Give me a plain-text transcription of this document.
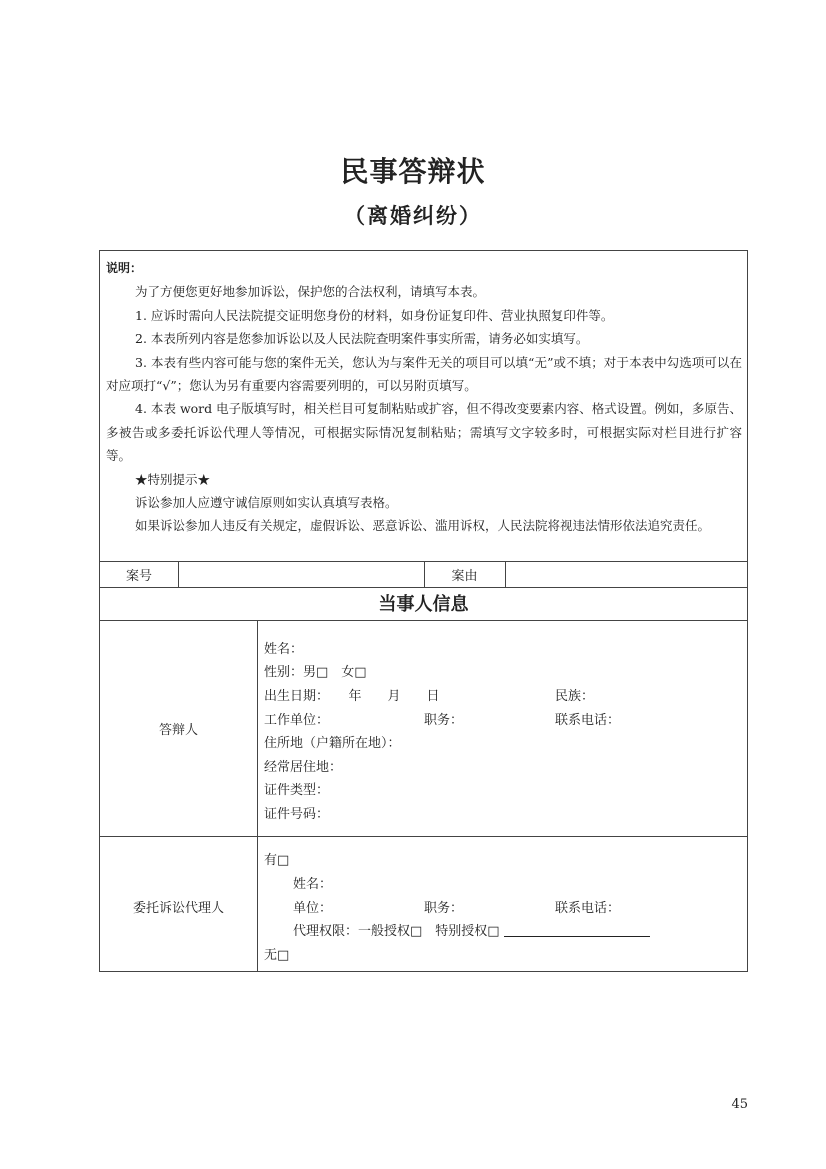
民事答辩状
（离婚纠纷）
说明：
为了方便您更好地参加诉讼，保护您的合法权利，请填写本表。
1. 应诉时需向人民法院提交证明您身份的材料，如身份证复印件、营业执照复印件等。
2. 本表所列内容是您参加诉讼以及人民法院查明案件事实所需，请务必如实填写。
3. 本表有些内容可能与您的案件无关，您认为与案件无关的项目可以填“无”或不填；对于本表中勾选项可以在对应项打“√”；您认为另有重要内容需要列明的，可以另附页填写。
4. 本表 word 电子版填写时，相关栏目可复制粘贴或扩容，但不得改变要素内容、格式设置。例如，多原告、多被告或多委托诉讼代理人等情况，可根据实际情况复制粘贴；需填写文字较多时，可根据实际对栏目进行扩容等。
★特别提示★
诉讼参加人应遵守诚信原则如实认真填写表格。
如果诉讼参加人违反有关规定，虚假诉讼、恶意诉讼、滥用诉权，人民法院将视违法情形依法追究责任。
案号	案由
当事人信息
答辩人
姓名：
性别：男□　女□
出生日期：　　年　　月　　日	民族：
工作单位：	职务：	联系电话：
住所地（户籍所在地）：
经常居住地：
证件类型：
证件号码：
委托诉讼代理人
有□
姓名：
单位：	职务：	联系电话：
代理权限：一般授权□　特别授权□
无□
45
